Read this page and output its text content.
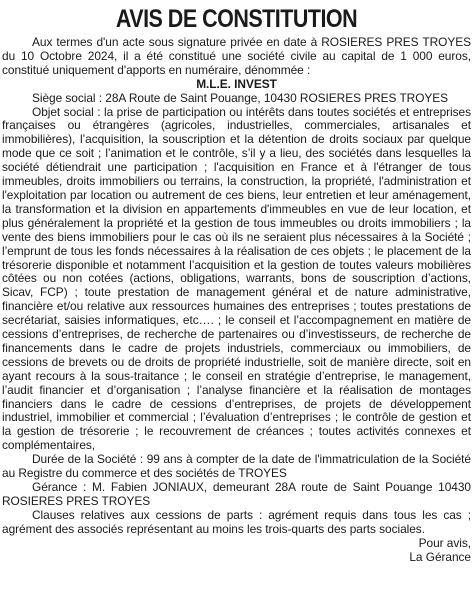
AVIS DE CONSTITUTION

Aux termes d'un acte sous signature privée en date à ROSIERES PRES TROYES du 10 Octobre 2024, il a été constitué une société civile au capital de 1 000 euros, constitué uniquement d'apports en numéraire, dénommée :

M.L.E. INVEST

Siège social : 28A Route de Saint Pouange, 10430 ROSIERES PRES TROYES

Objet social : la prise de participation ou intérêts dans toutes sociétés et entreprises françaises ou étrangères (agricoles, industrielles, commerciales, artisanales et immobilières), l’acquisition, la souscription et la détention de droits sociaux par quelque mode que ce soit ; l’animation et le contrôle, s’il y a lieu, des sociétés dans lesquelles la société détiendrait une participation ; l'acquisition en France et à l'étranger de tous immeubles, droits immobiliers ou terrains, la construction, la propriété, l'administration et l'exploitation par location ou autrement de ces biens, leur entretien et leur aménagement, la transformation et la division en appartements d'immeubles en vue de leur location, et plus généralement la propriété et la gestion de tous immeubles ou droits immobiliers ; la vente des biens immobiliers pour le cas où ils ne seraient plus nécessaires à la Société ; l’emprunt de tous les fonds nécessaires à la réalisation de ces objets ; le placement de la trésorerie disponible et notamment l’acquisition et la gestion de toutes valeurs mobilières côtées ou non cotées (actions, obligations, warrants, bons de souscription d’actions, Sicav, FCP) ; toute prestation de management général et de nature administrative, financière et/ou relative aux ressources humaines des entreprises ; toutes prestations de secrétariat, saisies informatiques, etc…. ; le conseil et l’accompagnement en matière de cessions d’entreprises, de recherche de partenaires ou d’investisseurs, de recherche de financements dans le cadre de projets industriels, commerciaux ou immobiliers, de cessions de brevets ou de droits de propriété industrielle, soit de manière directe, soit en ayant recours à la sous-traitance ; le conseil en stratégie d’entreprise, le management, l’audit financier et d’organisation ; l’analyse financière et la réalisation de montages financiers dans le cadre de cessions d’entreprises, de projets de développement industriel, immobilier et commercial ; l’évaluation d’entreprises ; le contrôle de gestion et la gestion de trésorerie ; le recouvrement de créances ; toutes activités connexes et complémentaires,

Durée de la Société : 99 ans à compter de la date de l'immatriculation de la Société au Registre du commerce et des sociétés de TROYES

Gérance : M. Fabien JONIAUX, demeurant 28A route de Saint Pouange 10430 ROSIERES PRES TROYES

Clauses relatives aux cessions de parts : agrément requis dans tous les cas ; agrément des associés représentant au moins les trois-quarts des parts sociales.

Pour avis,

La Gérance
